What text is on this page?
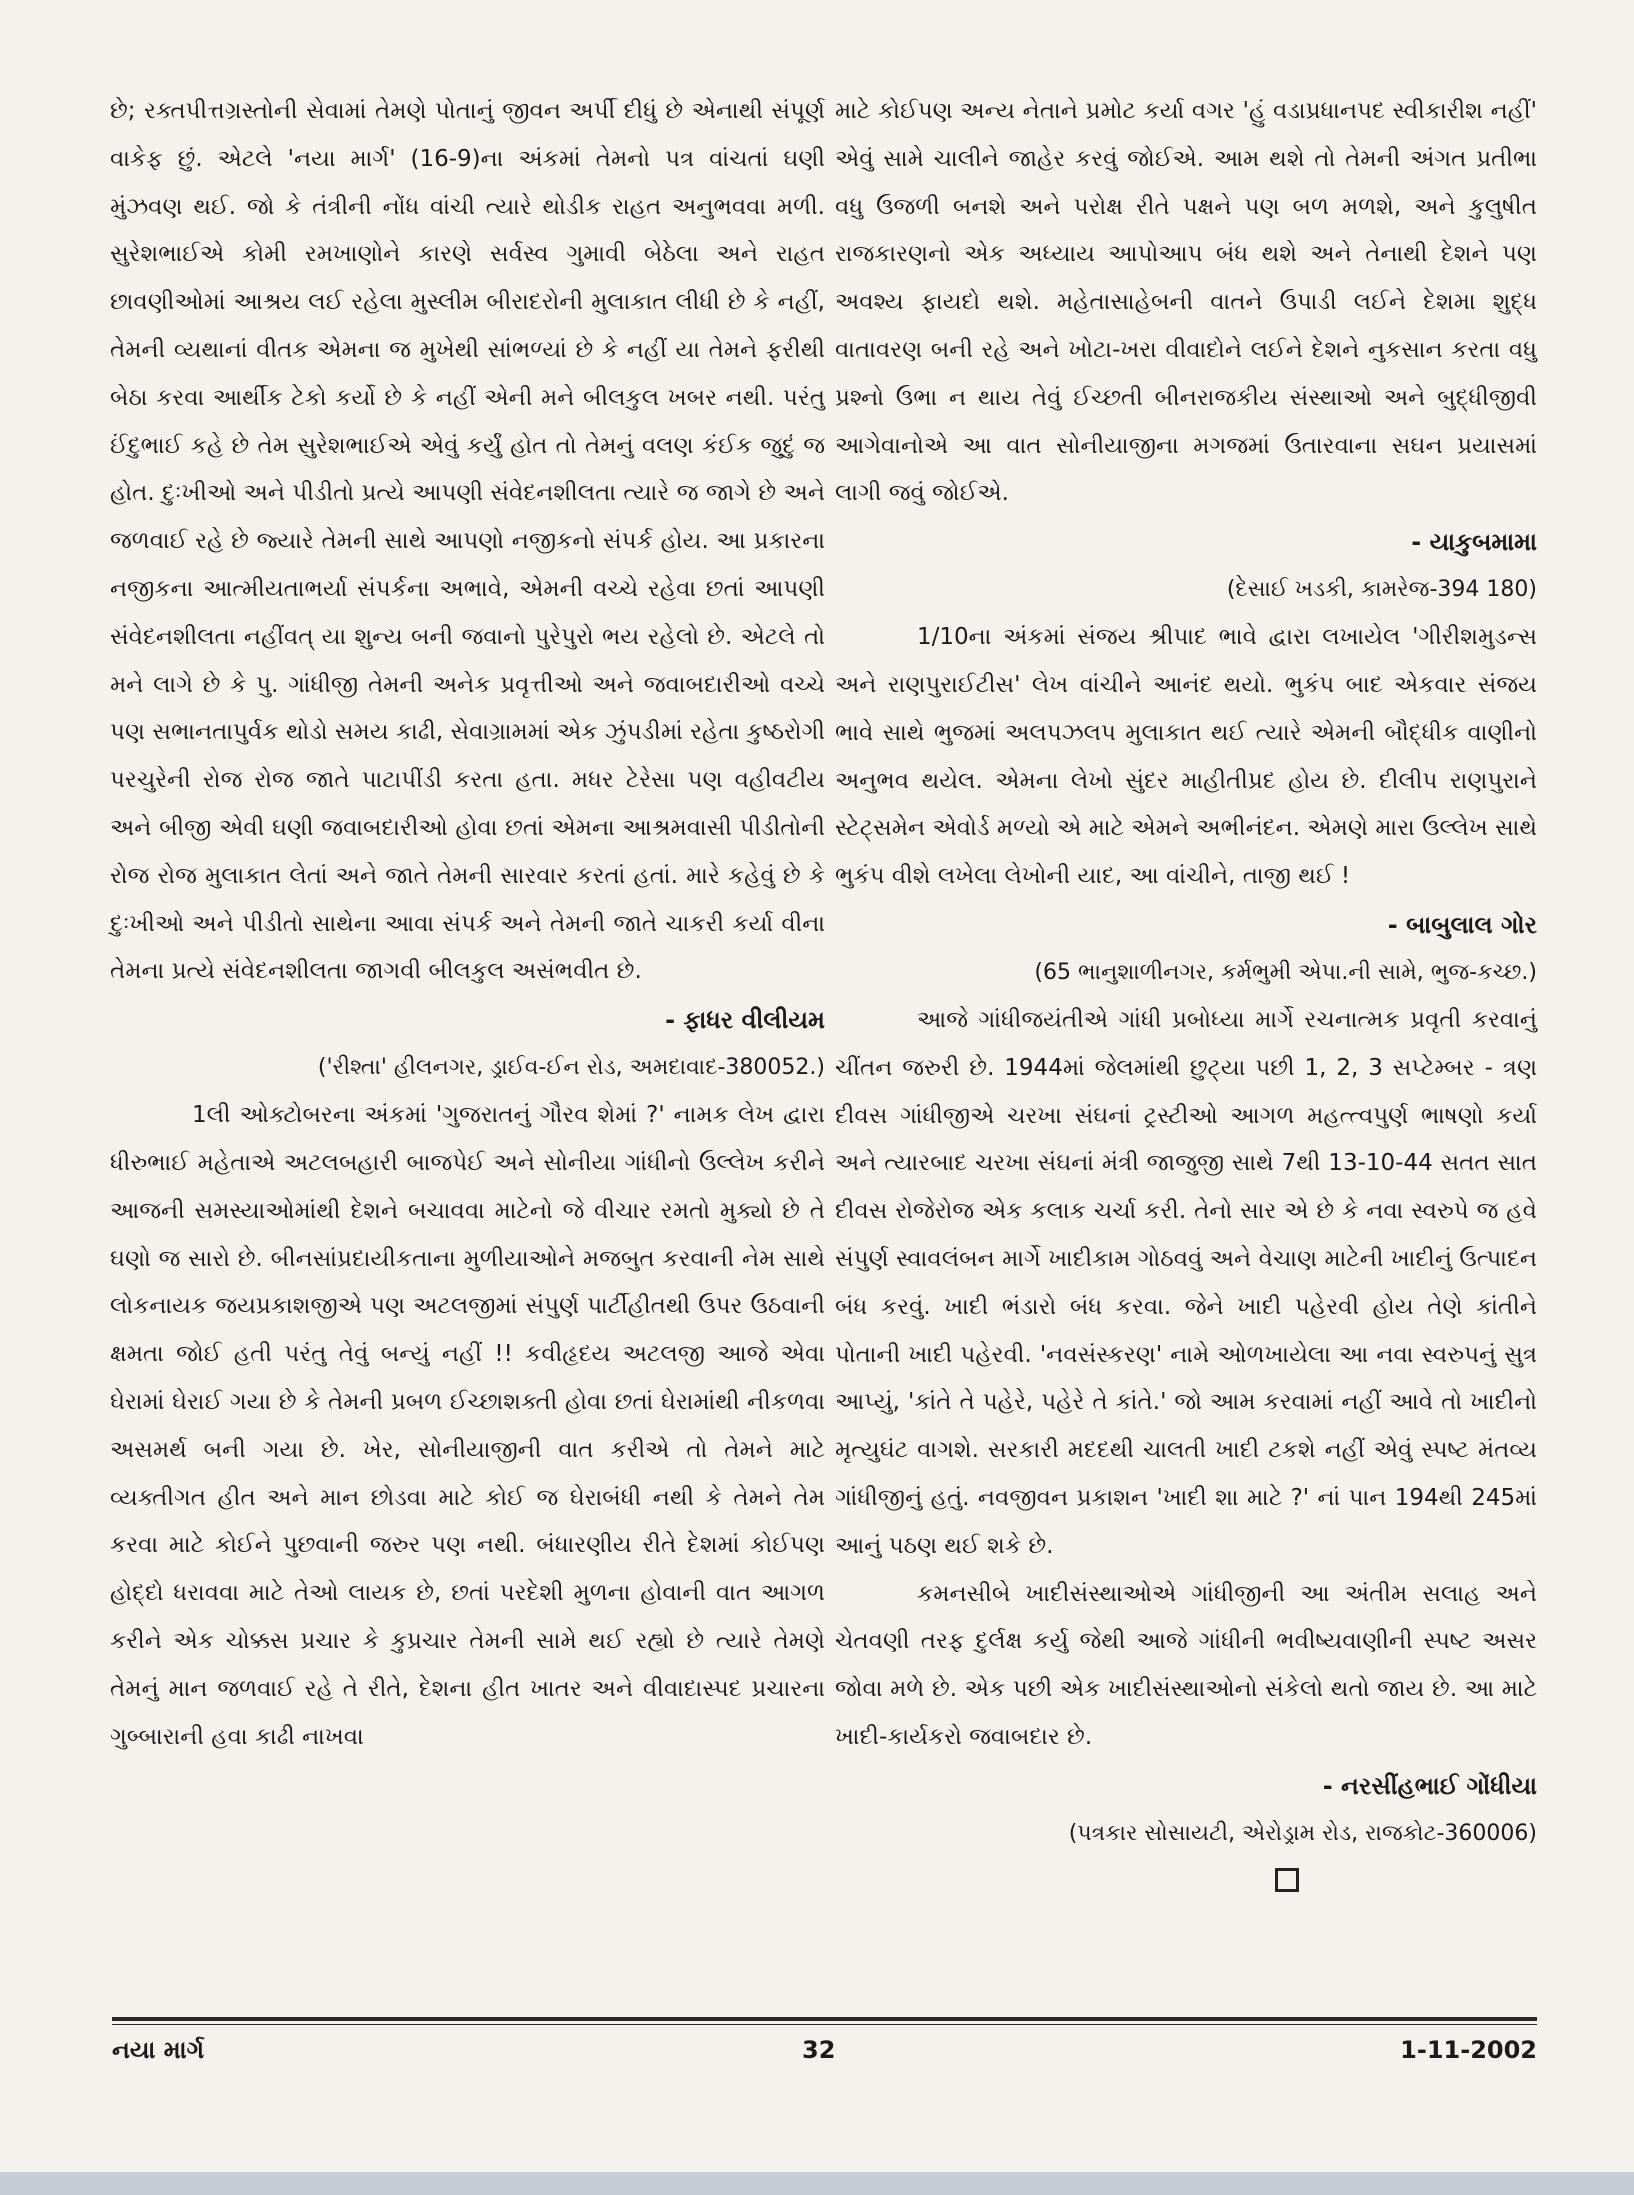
છે; રક્તપીત્તગ્રસ્તોની સેવામાં તેમણે પોતાનું જીવન અર્પી દીધું છે એનાથી સંપૂર્ણ વાકેફ છું. એટલે 'નયા માર્ગ' (16-9)ના અંકમાં તેમનો પત્ર વાંચતાં ઘણી મુંઝવણ થઈ. જો કે તંત્રીની નોંધ વાંચી ત્યારે થોડીક રાહત અનુભવવા મળી. સુરેશભાઈએ કોમી રમખાણોને કારણે સર્વસ્વ ગુમાવી બેઠેલા અને રાહત છાવણીઓમાં આશ્રય લઈ રહેલા મુસ્લીમ બીરાદરોની મુલાકાત લીધી છે કે નહીં, તેમની વ્યથાનાં વીતક એમના જ મુખેથી સાંભળ્યાં છે કે નહીં યા તેમને ફરીથી બેઠા કરવા આર્થીક ટેકો કર્યો છે કે નહીં એની મને બીલકુલ ખબર નથી. પરંતુ ઈંદુભાઈ કહે છે તેમ સુરેશભાઈએ એવું કર્યું હોત તો તેમનું વલણ કંઈક જુદું જ હોત. દુઃખીઓ અને પીડીતો પ્રત્યે આપણી સંવેદનશીલતા ત્યારે જ જાગે છે અને જળવાઈ રહે છે જ્યારે તેમની સાથે આપણો નજીકનો સંપર્ક હોય. આ પ્રકારના નજીકના આત્મીયતાભર્યા સંપર્કના અભાવે, એમની વચ્ચે રહેવા છતાં આપણી સંવેદનશીલતા નહીંવત્ યા શુન્ય બની જવાનો પુરેપુરો ભય રહેલો છે. એટલે તો મને લાગે છે કે પુ. ગાંધીજી તેમની અનેક પ્રવૃત્તીઓ અને જવાબદારીઓ વચ્ચે પણ સભાનતાપુર્વક થોડો સમય કાઢી, સેવાગ્રામમાં એક ઝુંપડીમાં રહેતા કુષ્ઠરોગી પરચુરેની રોજ રોજ જાતે પાટાપીંડી કરતા હતા. મધર ટેરેસા પણ વહીવટીય અને બીજી એવી ઘણી જવાબદારીઓ હોવા છતાં એમના આશ્રમવાસી પીડીતોની રોજ રોજ મુલાકાત લેતાં અને જાતે તેમની સારવાર કરતાં હતાં. મારે કહેવું છે કે દુઃખીઓ અને પીડીતો સાથેના આવા સંપર્ક અને તેમની જાતે ચાકરી કર્યા વીના તેમના પ્રત્યે સંવેદનશીલતા જાગવી બીલકુલ અસંભવીત છે.

- ફાધર વીલીયમ

('રીશ્તા' હીલનગર, ડ્રાઈવ-ઈન રોડ, અમદાવાદ-380052.)

1લી ઓક્ટોબરના અંકમાં 'ગુજરાતનું ગૌરવ શેમાં ?' નામક લેખ દ્વારા ધીરુભાઈ મહેતાએ અટલબહારી બાજપેઈ અને સોનીયા ગાંધીનો ઉલ્લેખ કરીને આજની સમસ્યાઓમાંથી દેશને બચાવવા માટેનો જે વીચાર રમતો મુક્યો છે તે ઘણો જ સારો છે. બીનસાંપ્રદાયીકતાના મુળીયાઓને મજબુત કરવાની નેમ સાથે લોકનાયક જયપ્રકાશજીએ પણ અટલજીમાં સંપુર્ણ પાર્ટીહીતથી ઉપર ઉઠવાની ક્ષમતા જોઈ હતી પરંતુ તેવું બન્યું નહીં !! કવીહૃદય અટલજી આજે એવા ઘેરામાં ઘેરાઈ ગયા છે કે તેમની પ્રબળ ઈચ્છાશક્તી હોવા છતાં ઘેરામાંથી નીકળવા અસમર્થ બની ગયા છે. ખેર, સોનીયાજીની વાત કરીએ તો તેમને માટે વ્યક્તીગત હીત અને માન છોડવા માટે કોઈ જ ઘેરાબંધી નથી કે તેમને તેમ કરવા માટે કોઈને પુછવાની જરુર પણ નથી. બંધારણીય રીતે દેશમાં કોઈપણ હોદ્દો ધરાવવા માટે તેઓ લાયક છે, છતાં પરદેશી મુળના હોવાની વાત આગળ કરીને એક ચોક્કસ પ્રચાર કે કુપ્રચાર તેમની સામે થઈ રહ્યો છે ત્યારે તેમણે તેમનું માન જળવાઈ રહે તે રીતે, દેશના હીત ખાતર અને વીવાદાસ્પદ પ્રચારના ગુબ્બારાની હવા કાઢી નાખવા

માટે કોઈપણ અન્ય નેતાને પ્રમોટ કર્યા વગર 'હું વડાપ્રધાનપદ સ્વીકારીશ નહીં' એવું સામે ચાલીને જાહેર કરવું જોઈએ. આમ થશે તો તેમની અંગત પ્રતીભા વધુ ઉજળી બનશે અને પરોક્ષ રીતે પક્ષને પણ બળ મળશે, અને કુલુષીત રાજકારણનો એક અધ્યાય આપોઆપ બંધ થશે અને તેનાથી દેશને પણ અવશ્ય ફાયદો થશે. મહેતાસાહેબની વાતને ઉપાડી લઈને દેશમા શુદ્ધ વાતાવરણ બની રહે અને ખોટા-ખરા વીવાદોને લઈને દેશને નુકસાન કરતા વધુ પ્રશ્નો ઉભા ન થાય તેવું ઈચ્છતી બીનરાજકીય સંસ્થાઓ અને બુદ્ધીજીવી આગેવાનોએ આ વાત સોનીયાજીના મગજમાં ઉતારવાના સઘન પ્રયાસમાં લાગી જવું જોઈએ.

- યાકુબમામા

(દેસાઈ ખડકી, કામરેજ-394 180)

1/10ના અંકમાં સંજય શ્રીપાદ ભાવે દ્વારા લખાયેલ 'ગીરીશમુડન્સ અને રાણપુરાઈટીસ' લેખ વાંચીને આનંદ થયો. ભુકંપ બાદ એકવાર સંજય ભાવે સાથે ભુજમાં અલપઝલપ મુલાકાત થઈ ત્યારે એમની બૌદ્ધીક વાણીનો અનુભવ થયેલ. એમના લેખો સુંદર માહીતીપ્રદ હોય છે. દીલીપ રાણપુરાને સ્ટેટ્સમેન એવોર્ડ મળ્યો એ માટે એમને અભીનંદન. એમણે મારા ઉલ્લેખ સાથે ભુકંપ વીશે લખેલા લેખોની યાદ, આ વાંચીને, તાજી થઈ !

- બાબુલાલ ગોર

(65 ભાનુશાળીનગર, કર્મભુમી એપા.ની સામે, ભુજ-કચ્છ.)

આજે ગાંધીજયંતીએ ગાંધી પ્રબોધ્યા માર્ગે રચનાત્મક પ્રવૃતી કરવાનું ચીંતન જરુરી છે. 1944માં જેલમાંથી છુટ્યા પછી 1, 2, 3 સપ્ટેમ્બર - ત્રણ દીવસ ગાંધીજીએ ચરખા સંઘનાં ટ્રસ્ટીઓ આગળ મહત્ત્વપુર્ણ ભાષણો કર્યા અને ત્યારબાદ ચરખા સંઘનાં મંત્રી જાજુજી સાથે 7થી 13-10-44 સતત સાત દીવસ રોજેરોજ એક કલાક ચર્ચા કરી. તેનો સાર એ છે કે નવા સ્વરુપે જ હવે સંપુર્ણ સ્વાવલંબન માર્ગે ખાદીકામ ગોઠવવું અને વેચાણ માટેની ખાદીનું ઉત્પાદન બંધ કરવું. ખાદી ભંડારો બંધ કરવા. જેને ખાદી પહેરવી હોય તેણે કાંતીને પોતાની ખાદી પહેરવી. 'નવસંસ્કરણ' નામે ઓળખાયેલા આ નવા સ્વરુપનું સુત્ર આપ્યું, 'કાંતે તે પહેરે, પહેરે તે કાંતે.' જો આમ કરવામાં નહીં આવે તો ખાદીનો મૃત્યુઘંટ વાગશે. સરકારી મદદથી ચાલતી ખાદી ટકશે નહીં એવું સ્પષ્ટ મંતવ્ય ગાંધીજીનું હતું. નવજીવન પ્રકાશન 'ખાદી શા માટે ?' નાં પાન 194થી 245માં આનું પઠણ થઈ શકે છે.

કમનસીબે ખાદીસંસ્થાઓએ ગાંધીજીની આ અંતીમ સલાહ અને ચેતવણી તરફ દુર્લક્ષ કર્યુ જેથી આજે ગાંધીની ભવીષ્યવાણીની સ્પષ્ટ અસર જોવા મળે છે. એક પછી એક ખાદીસંસ્થાઓનો સંકેલો થતો જાય છે. આ માટે ખાદી-કાર્યકરો જવાબદાર છે.

- નરસીંહભાઈ ગોંધીયા

(પત્રકાર સોસાયટી, એરોડ્રામ રોડ, રાજકોટ-360006)

નયા માર્ગ	32	1-11-2002
